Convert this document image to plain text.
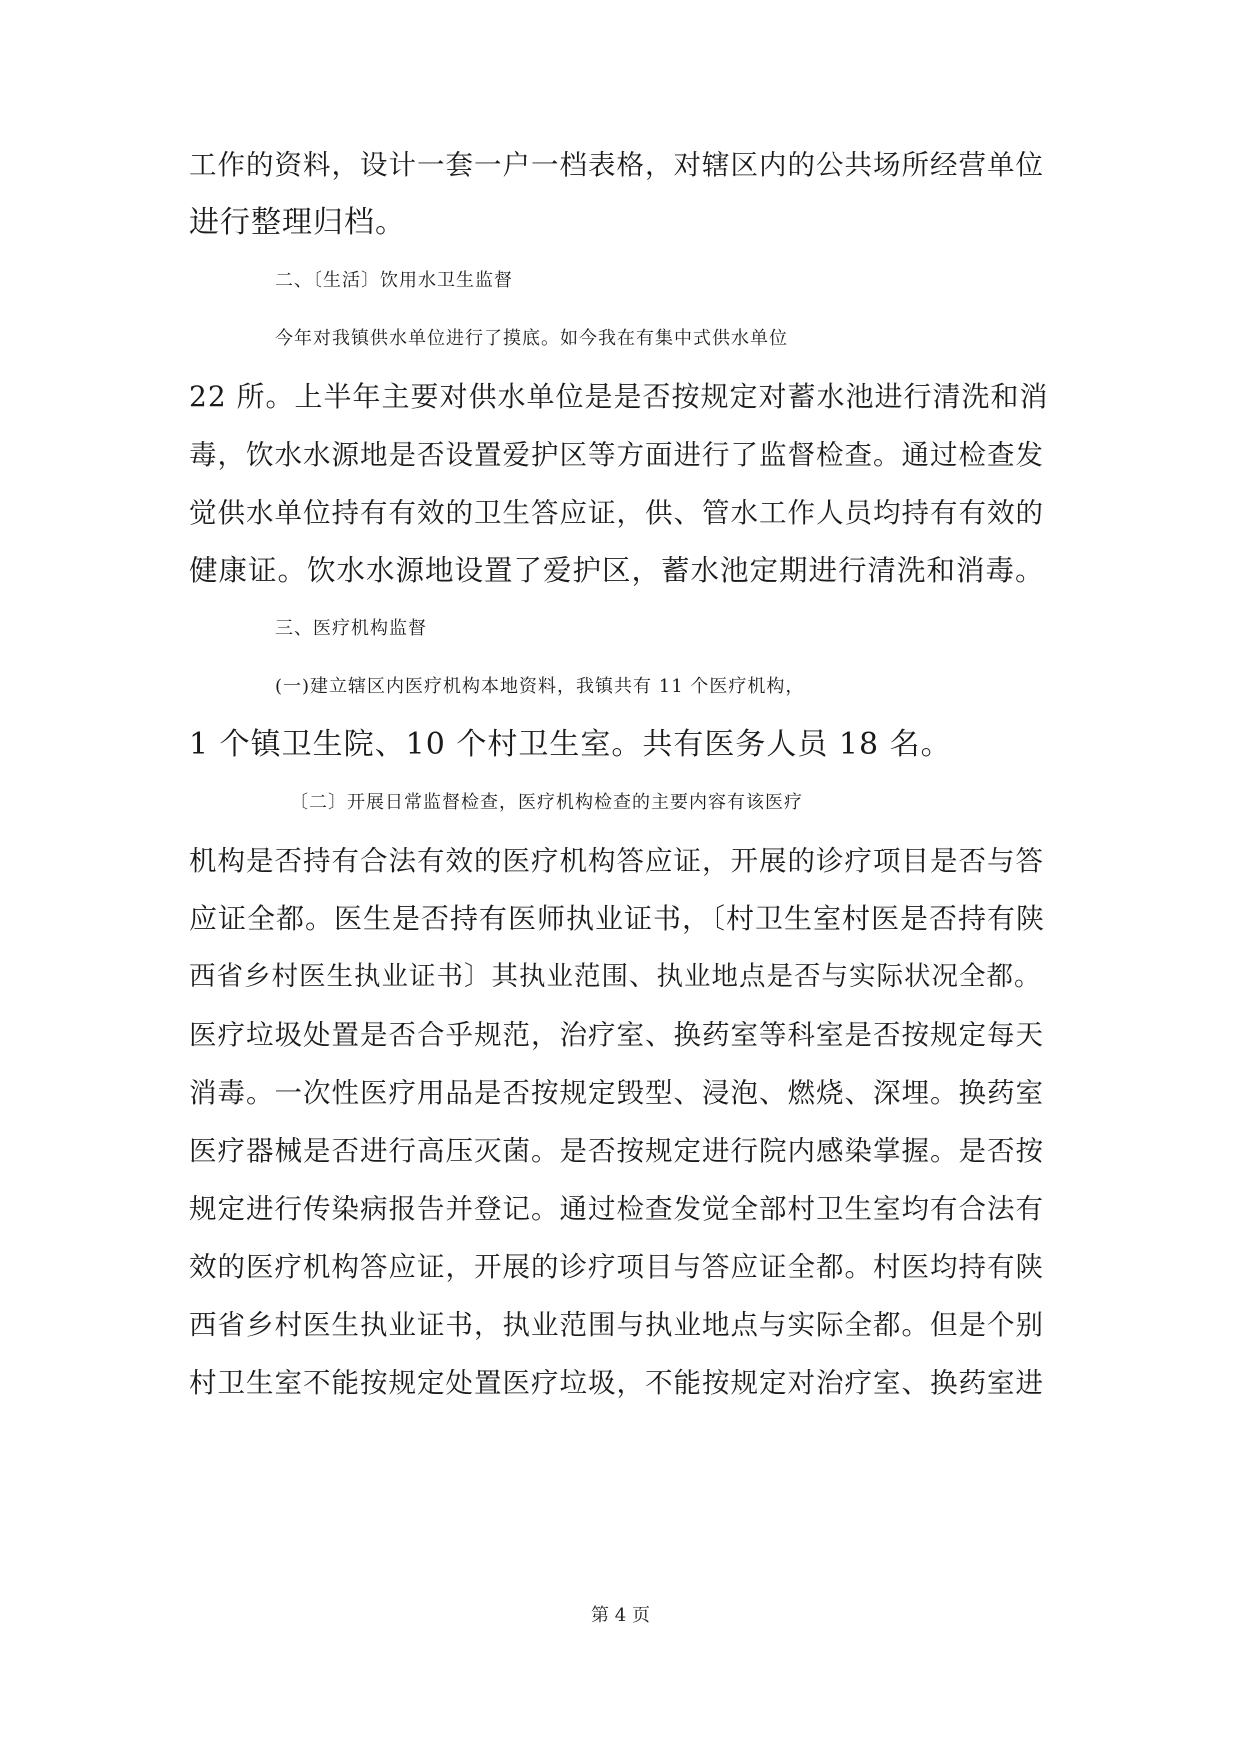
工作的资料，设计一套一户一档表格，对辖区内的公共场所经营单位
进行整理归档。
二、〔生活〕饮用水卫生监督
今年对我镇供水单位进行了摸底。如今我在有集中式供水单位
22 所。上半年主要对供水单位是是否按规定对蓄水池进行清洗和消
毒，饮水水源地是否设置爱护区等方面进行了监督检查。通过检查发
觉供水单位持有有效的卫生答应证，供、管水工作人员均持有有效的
健康证。饮水水源地设置了爱护区，蓄水池定期进行清洗和消毒。
三、医疗机构监督
(一)建立辖区内医疗机构本地资料，我镇共有 11 个医疗机构，
1 个镇卫生院、10 个村卫生室。共有医务人员 18 名。
〔二〕开展日常监督检查，医疗机构检查的主要内容有该医疗
机构是否持有合法有效的医疗机构答应证，开展的诊疗项目是否与答
应证全都。医生是否持有医师执业证书，〔村卫生室村医是否持有陕
西省乡村医生执业证书〕其执业范围、执业地点是否与实际状况全都。
医疗垃圾处置是否合乎规范，治疗室、换药室等科室是否按规定每天
消毒。一次性医疗用品是否按规定毁型、浸泡、燃烧、深埋。换药室
医疗器械是否进行高压灭菌。是否按规定进行院内感染掌握。是否按
规定进行传染病报告并登记。通过检查发觉全部村卫生室均有合法有
效的医疗机构答应证，开展的诊疗项目与答应证全都。村医均持有陕
西省乡村医生执业证书，执业范围与执业地点与实际全都。但是个别
村卫生室不能按规定处置医疗垃圾，不能按规定对治疗室、换药室进
第 4 页
